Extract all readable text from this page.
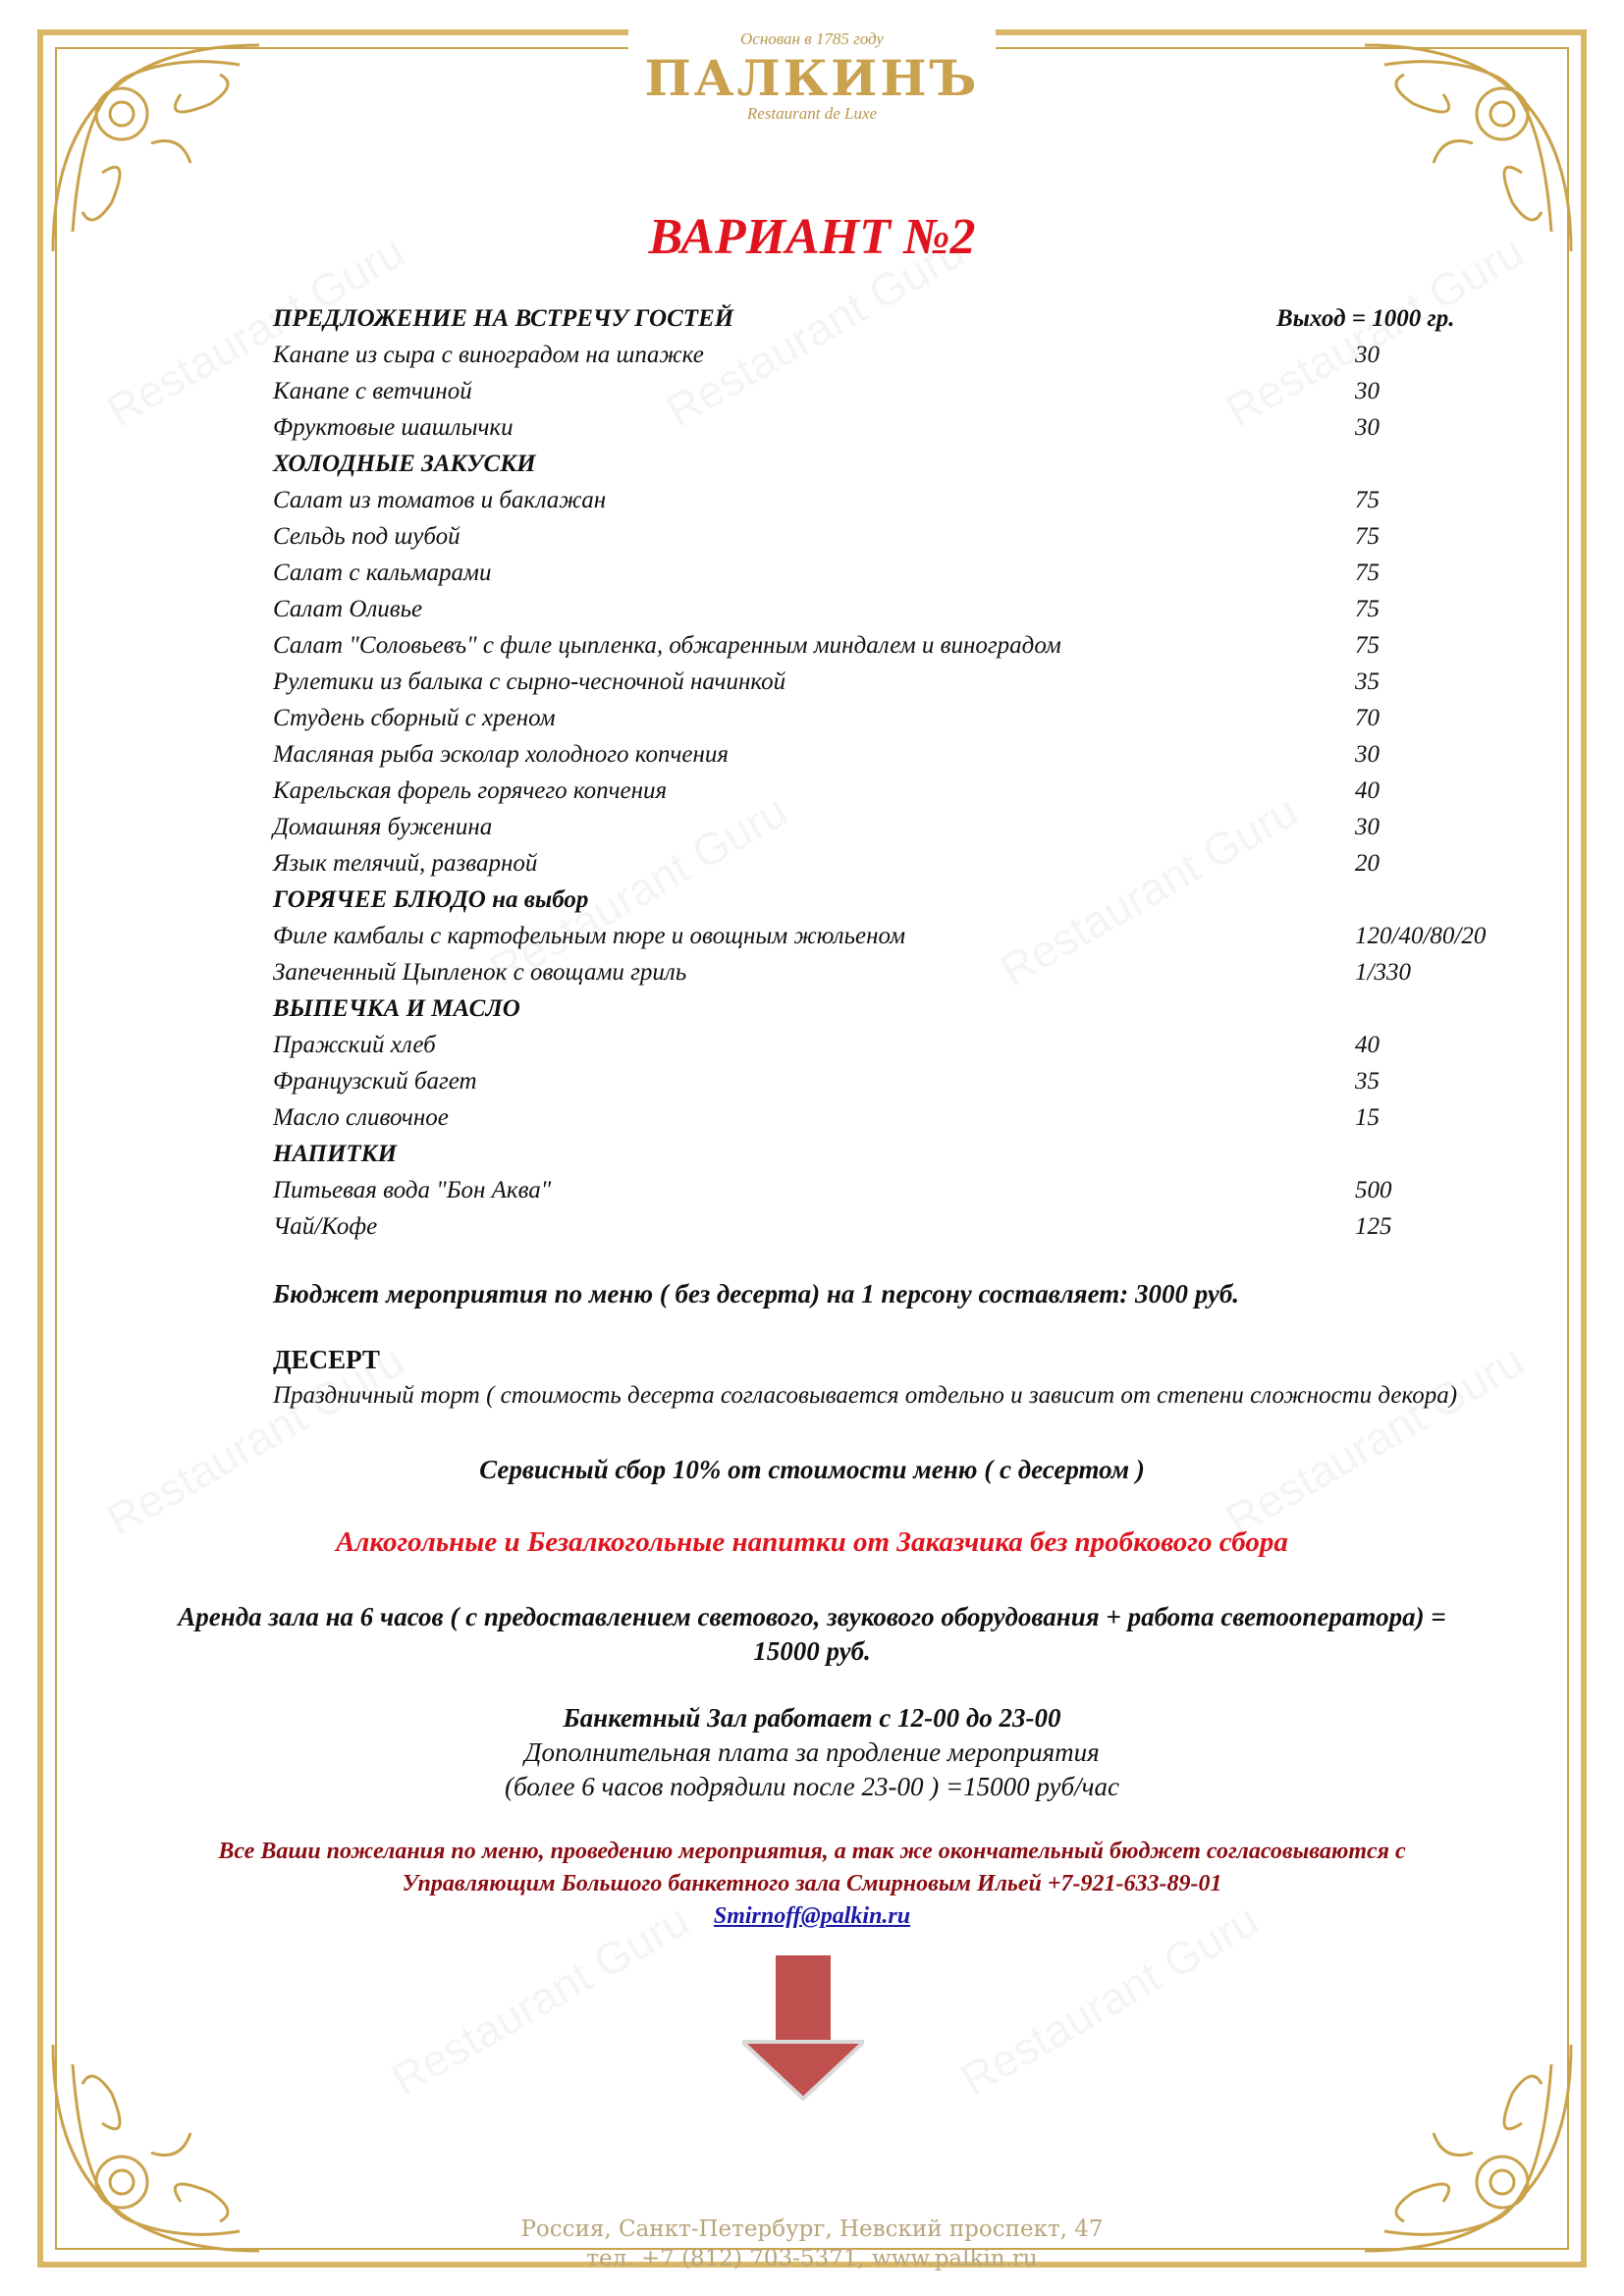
Основан в 1785 году
ПАЛКИНЪ
Restaurant de Luxe
ВАРИАНТ №2
ПРЕДЛОЖЕНИЕ НА ВСТРЕЧУ ГОСТЕЙ	Выход = 1000 гр.
Канапе из сыра с виноградом на шпажке	30
Канапе с ветчиной	30
Фруктовые шашлычки	30
ХОЛОДНЫЕ ЗАКУСКИ
Салат из томатов и баклажан	75
Сельдь под шубой	75
Салат с кальмарами	75
Салат Оливье	75
Салат "Соловьевъ" с филе цыпленка, обжаренным миндалем и виноградом	75
Рулетики из балыка с сырно-чесночной начинкой	35
Студень сборный с хреном	70
Масляная рыба эсколар холодного копчения	30
Карельская форель горячего копчения	40
Домашняя буженина	30
Язык телячий, разварной	20
ГОРЯЧЕЕ БЛЮДО на выбор
Филе камбалы с картофельным пюре и овощным жюльеном	120/40/80/20
Запеченный Цыпленок с овощами гриль	1/330
ВЫПЕЧКА И МАСЛО
Пражский хлеб	40
Французский багет	35
Масло сливочное	15
НАПИТКИ
Питьевая вода "Бон Аква"	500
Чай/Кофе	125
Бюджет мероприятия по меню ( без десерта) на 1 персону составляет: 3000 руб.
ДЕСЕРТ
Праздничный торт ( стоимость десерта согласовывается отдельно и зависит от степени сложности декора)
Сервисный сбор 10% от стоимости меню ( с десертом )
Алкогольные и Безалкогольные напитки от Заказчика без пробкового сбора
Аренда зала на 6 часов ( с предоставлением светового, звукового оборудования + работа светооператора) =
15000 руб.
Банкетный Зал работает с 12-00 до 23-00
Дополнительная плата за продление мероприятия
(более 6 часов подрядили после 23-00 ) =15000 руб/час
Все Ваши пожелания по меню, проведению мероприятия, а так же окончательный бюджет согласовываются с
Управляющим Большого банкетного зала Смирновым Ильей +7-921-633-89-01
Smirnoff@palkin.ru
Россия, Санкт-Петербург, Невский проспект, 47
тел. +7 (812) 703-5371, www.palkin.ru
